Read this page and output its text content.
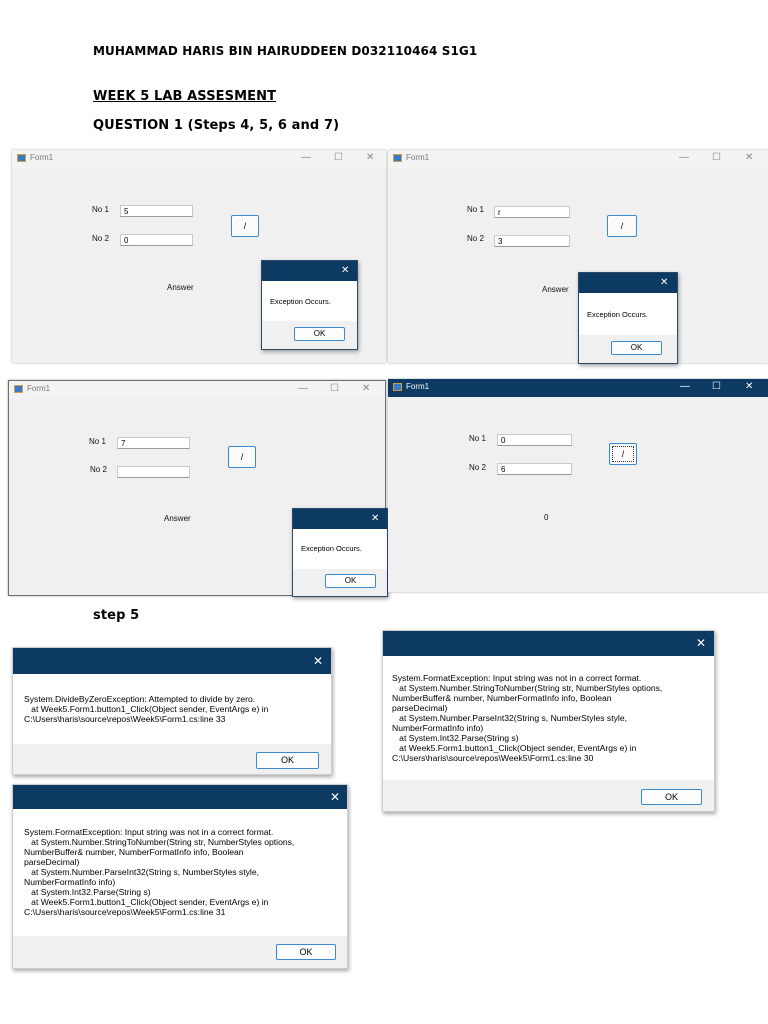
MUHAMMAD HARIS BIN HAIRUDDEEN D032110464 S1G1
WEEK 5 LAB ASSESMENT
QUESTION 1 (Steps 4, 5, 6 and 7)
Form1	— ☐ ✕
No 1	5
No 2	0
/
Answer
✕
Exception Occurs.
OK
Form1	— ☐ ✕
No 1	r
No 2	3
/
Answer
✕
Exception Occurs.
OK
Form1	— ☐ ✕
No 1	7
No 2
/
Answer	✕
Exception Occurs.
OK
Form1	— ☐ ✕
No 1	0
No 2	6
/
0
step 5
✕
System.DivideByZeroException: Attempted to divide by zero.
at Week5.Form1.button1_Click(Object sender, EventArgs e) in
C:\Users\haris\source\repos\Week5\Form1.cs:line 33
OK
✕
System.FormatException: Input string was not in a correct format.
at System.Number.StringToNumber(String str, NumberStyles options,
NumberBuffer& number, NumberFormatInfo info, Boolean
parseDecimal)
at System.Number.ParseInt32(String s, NumberStyles style,
NumberFormatInfo info)
at System.Int32.Parse(String s)
at Week5.Form1.button1_Click(Object sender, EventArgs e) in
C:\Users\haris\source\repos\Week5\Form1.cs:line 30
OK
✕
System.FormatException: Input string was not in a correct format.
at System.Number.StringToNumber(String str, NumberStyles options,
NumberBuffer& number, NumberFormatInfo info, Boolean
parseDecimal)
at System.Number.ParseInt32(String s, NumberStyles style,
NumberFormatInfo info)
at System.Int32.Parse(String s)
at Week5.Form1.button1_Click(Object sender, EventArgs e) in
C:\Users\haris\source\repos\Week5\Form1.cs:line 31
OK
